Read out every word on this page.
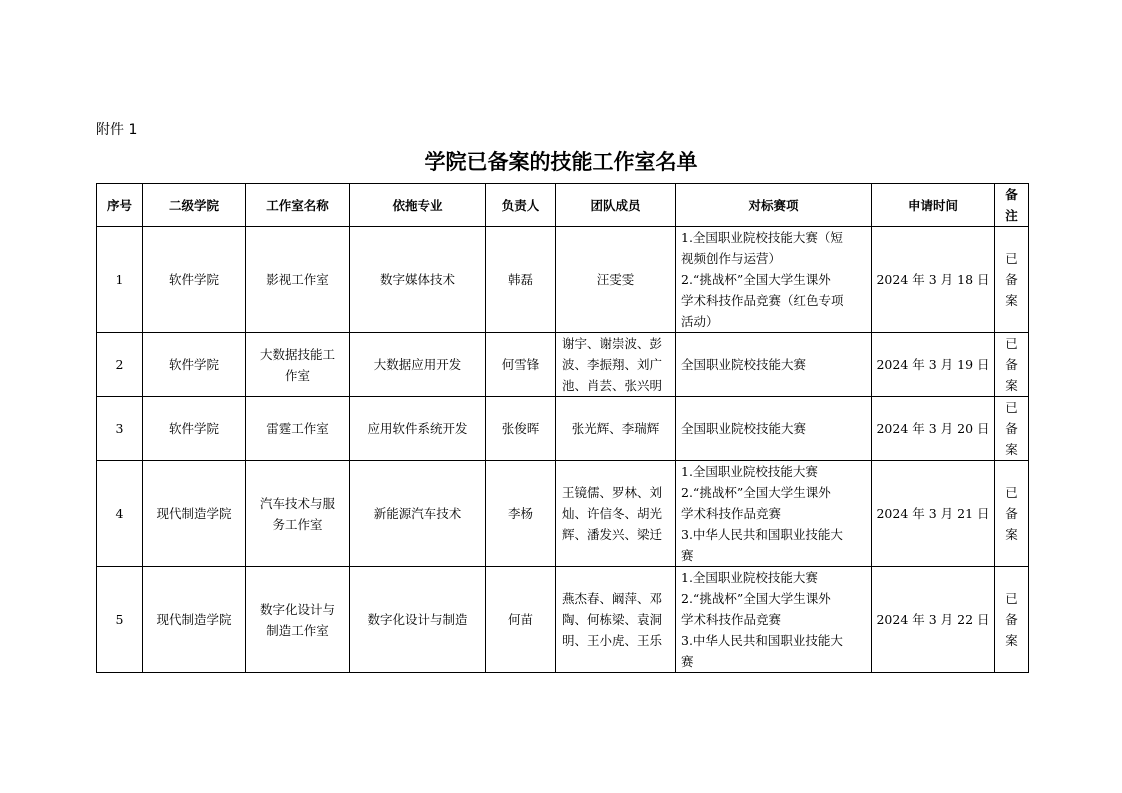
附件 1
学院已备案的技能工作室名单
序号	二级学院	工作室名称	依拖专业	负责人	团队成员	对标赛项	申请时间	备
注

1	软件学院	影视工作室	数字媒体技术	韩磊	汪雯雯	1.全国职业院校技能大赛（短
视频创作与运营）
2.“挑战杯”全国大学生课外
学术科技作品竞赛（红色专项
活动）	2024 年 3 月 18 日	已
备
案

2	软件学院	大数据技能工
作室	大数据应用开发	何雪锋	谢宇、谢崇波、彭
波、李振翔、刘广
池、肖芸、张兴明	全国职业院校技能大赛	2024 年 3 月 19 日	已
备
案

3	软件学院	雷霆工作室	应用软件系统开发	张俊晖	张光辉、李瑞辉	全国职业院校技能大赛	2024 年 3 月 20 日	已
备
案

4	现代制造学院	汽车技术与服
务工作室	新能源汽车技术	李杨	王镜儒、罗林、刘
灿、许信冬、胡光
辉、潘发兴、梁迁	1.全国职业院校技能大赛
2.“挑战杯”全国大学生课外
学术科技作品竞赛
3.中华人民共和国职业技能大
赛	2024 年 3 月 21 日	已
备
案

5	现代制造学院	数字化设计与
制造工作室	数字化设计与制造	何苗	燕杰春、阚萍、邓
陶、何栋梁、袁洞
明、王小虎、王乐	1.全国职业院校技能大赛
2.“挑战杯”全国大学生课外
学术科技作品竞赛
3.中华人民共和国职业技能大
赛	2024 年 3 月 22 日	已
备
案
